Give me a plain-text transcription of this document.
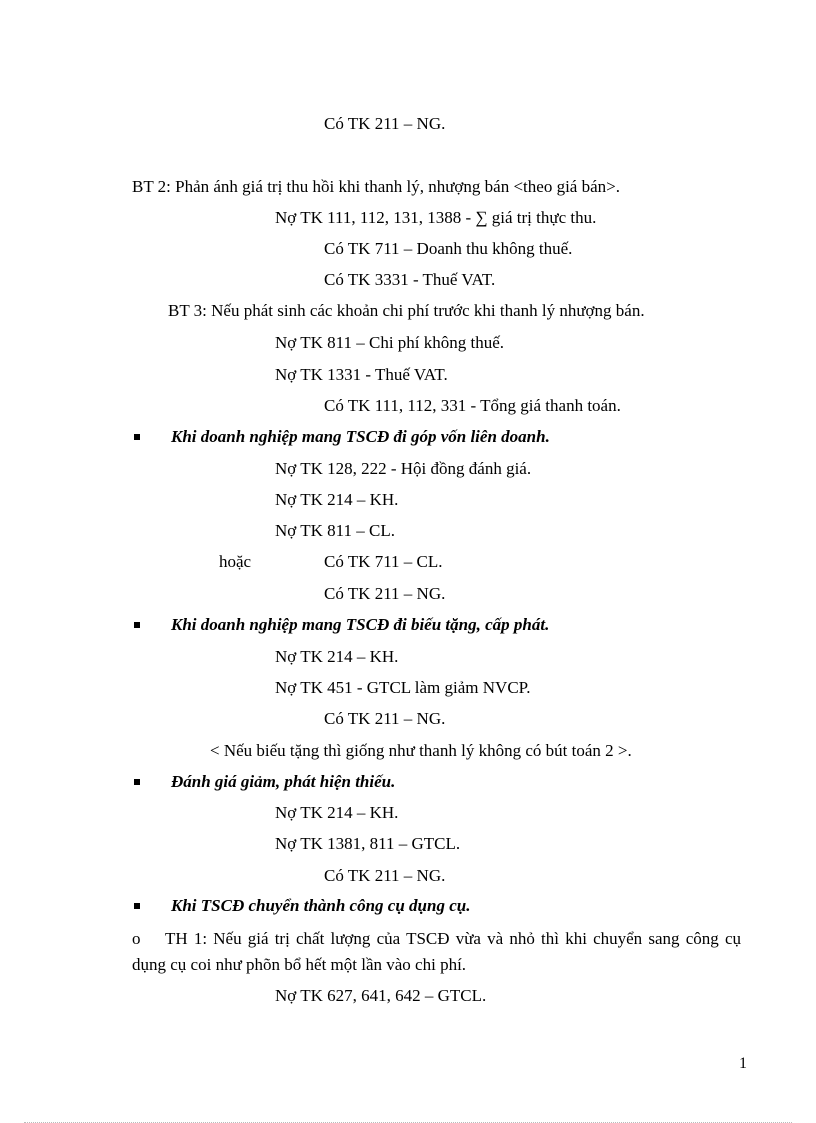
Có TK 211 – NG.
BT 2: Phản ánh giá trị thu hồi khi thanh lý, nhượng bán <theo giá bán>.
Nợ TK 111, 112, 131, 1388 - ∑ giá trị thực thu.
Có TK 711 – Doanh thu không thuế.
Có TK 3331 - Thuế VAT.
BT 3: Nếu phát sinh các khoản chi phí trước khi thanh lý nhượng bán.
Nợ TK 811 – Chi phí không thuế.
Nợ TK 1331 - Thuế VAT.
Có TK 111, 112, 331 - Tổng giá thanh toán.
Khi doanh nghiệp mang TSCĐ đi góp vốn liên doanh.
Nợ TK 128, 222 - Hội đồng đánh giá.
Nợ TK 214 – KH.
Nợ TK 811 – CL.
hoặc	Có TK 711 – CL.
Có TK 211 – NG.
Khi doanh nghiệp mang TSCĐ đi biếu tặng, cấp phát.
Nợ TK 214 – KH.
Nợ TK 451 - GTCL làm giảm NVCP.
Có TK 211 – NG.
< Nếu biếu tặng thì giống như thanh lý không có bút toán 2 >.
Đánh giá giảm, phát hiện thiếu.
Nợ TK 214 – KH.
Nợ TK 1381, 811 – GTCL.
Có TK 211 – NG.
Khi TSCĐ chuyển thành công cụ dụng cụ.
o TH 1: Nếu giá trị chất lượng của TSCĐ vừa và nhỏ thì khi chuyển sang công cụ dụng cụ coi như phõn bổ hết một lần vào chi phí.
Nợ TK 627, 641, 642 – GTCL.
1
